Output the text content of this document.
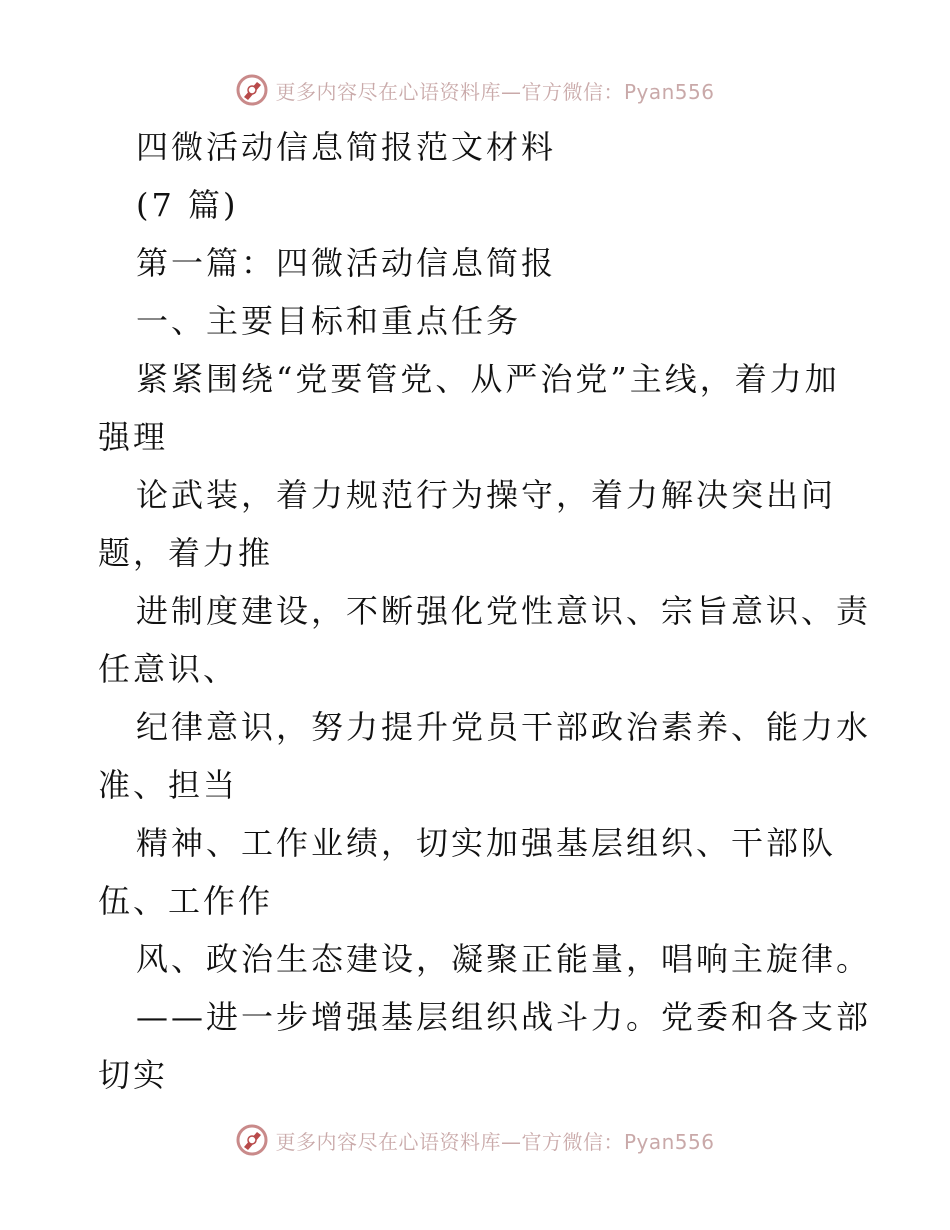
更多内容尽在心语资料库—官方微信：Pyan556
四微活动信息简报范文材料
(7 篇)
第一篇：四微活动信息简报
一、主要目标和重点任务
紧紧围绕“党要管党、从严治党”主线，着力加
强理
论武装，着力规范行为操守，着力解决突出问
题，着力推
进制度建设，不断强化党性意识、宗旨意识、责
任意识、
纪律意识，努力提升党员干部政治素养、能力水
准、担当
精神、工作业绩，切实加强基层组织、干部队
伍、工作作
风、政治生态建设，凝聚正能量，唱响主旋律。
——进一步增强基层组织战斗力。党委和各支部
切实
更多内容尽在心语资料库—官方微信：Pyan556
